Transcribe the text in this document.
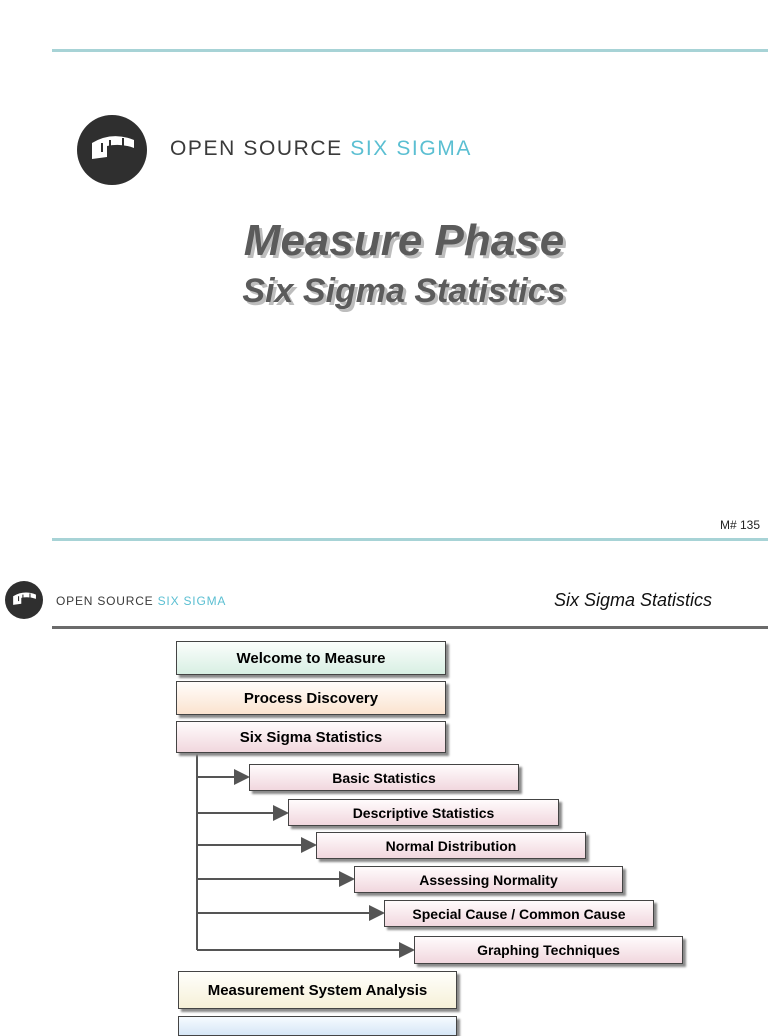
OPEN SOURCE SIX SIGMA
Measure Phase
Six Sigma Statistics
M# 135
OPEN SOURCE SIX SIGMA	Six Sigma Statistics
Welcome to Measure
Process Discovery
Six Sigma Statistics
Basic Statistics
Descriptive Statistics
Normal Distribution
Assessing Normality
Special Cause / Common Cause
Graphing Techniques
Measurement System Analysis
